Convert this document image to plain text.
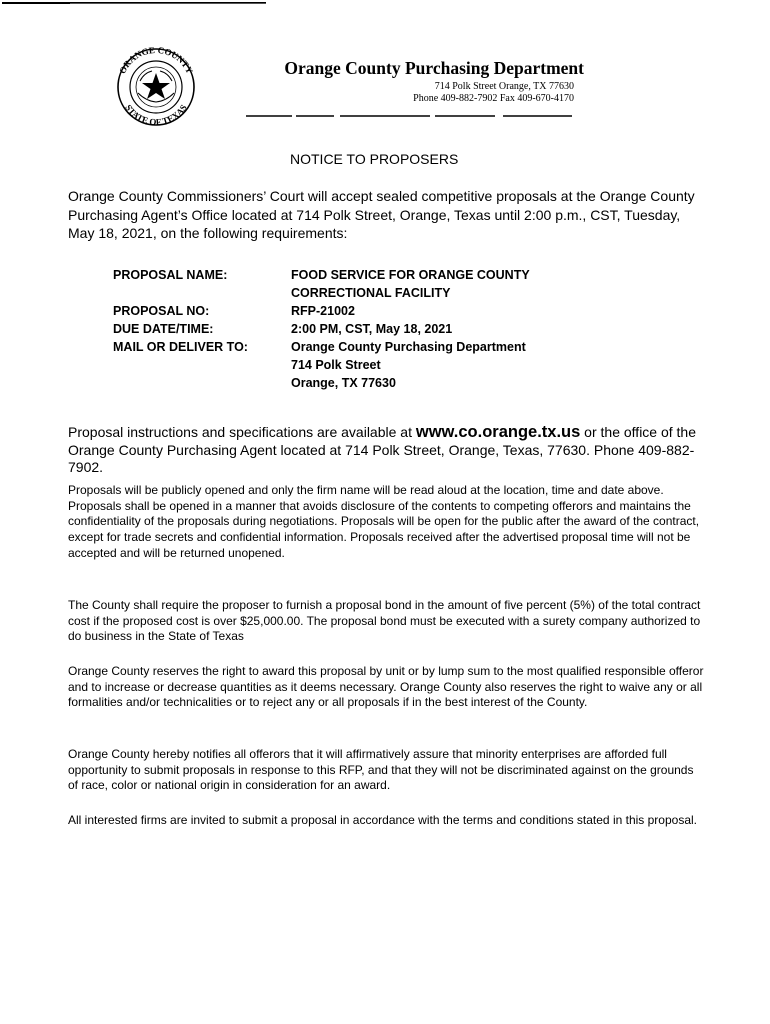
ORANGE COUNTY
STATE OF TEXAS
Orange County Purchasing Department
714 Polk Street Orange, TX 77630
Phone 409-882-7902 Fax 409-670-4170
NOTICE TO PROPOSERS
Orange County Commissioners’ Court will accept sealed competitive proposals at the Orange County Purchasing Agent’s Office located at 714 Polk Street, Orange, Texas until 2:00 p.m., CST, Tuesday, May 18, 2021, on the following requirements:
PROPOSAL NAME:	FOOD SERVICE FOR ORANGE COUNTY
CORRECTIONAL FACILITY
PROPOSAL NO:	RFP-21002
DUE DATE/TIME:	2:00 PM, CST, May 18, 2021
MAIL OR DELIVER TO:	Orange County Purchasing Department
714 Polk Street
Orange, TX 77630
Proposal instructions and specifications are available at www.co.orange.tx.us or the office of the Orange County Purchasing Agent located at 714 Polk Street, Orange, Texas, 77630. Phone 409-882-7902.
Proposals will be publicly opened and only the firm name will be read aloud at the location, time and date above. Proposals shall be opened in a manner that avoids disclosure of the contents to competing offerors and maintains the confidentiality of the proposals during negotiations. Proposals will be open for the public after the award of the contract, except for trade secrets and confidential information. Proposals received after the advertised proposal time will not be accepted and will be returned unopened.
The County shall require the proposer to furnish a proposal bond in the amount of five percent (5%) of the total contract cost if the proposed cost is over $25,000.00. The proposal bond must be executed with a surety company authorized to do business in the State of Texas
Orange County reserves the right to award this proposal by unit or by lump sum to the most qualified responsible offeror and to increase or decrease quantities as it deems necessary. Orange County also reserves the right to waive any or all formalities and/or technicalities or to reject any or all proposals if in the best interest of the County.
Orange County hereby notifies all offerors that it will affirmatively assure that minority enterprises are afforded full opportunity to submit proposals in response to this RFP, and that they will not be discriminated against on the grounds of race, color or national origin in consideration for an award.
All interested firms are invited to submit a proposal in accordance with the terms and conditions stated in this proposal.
